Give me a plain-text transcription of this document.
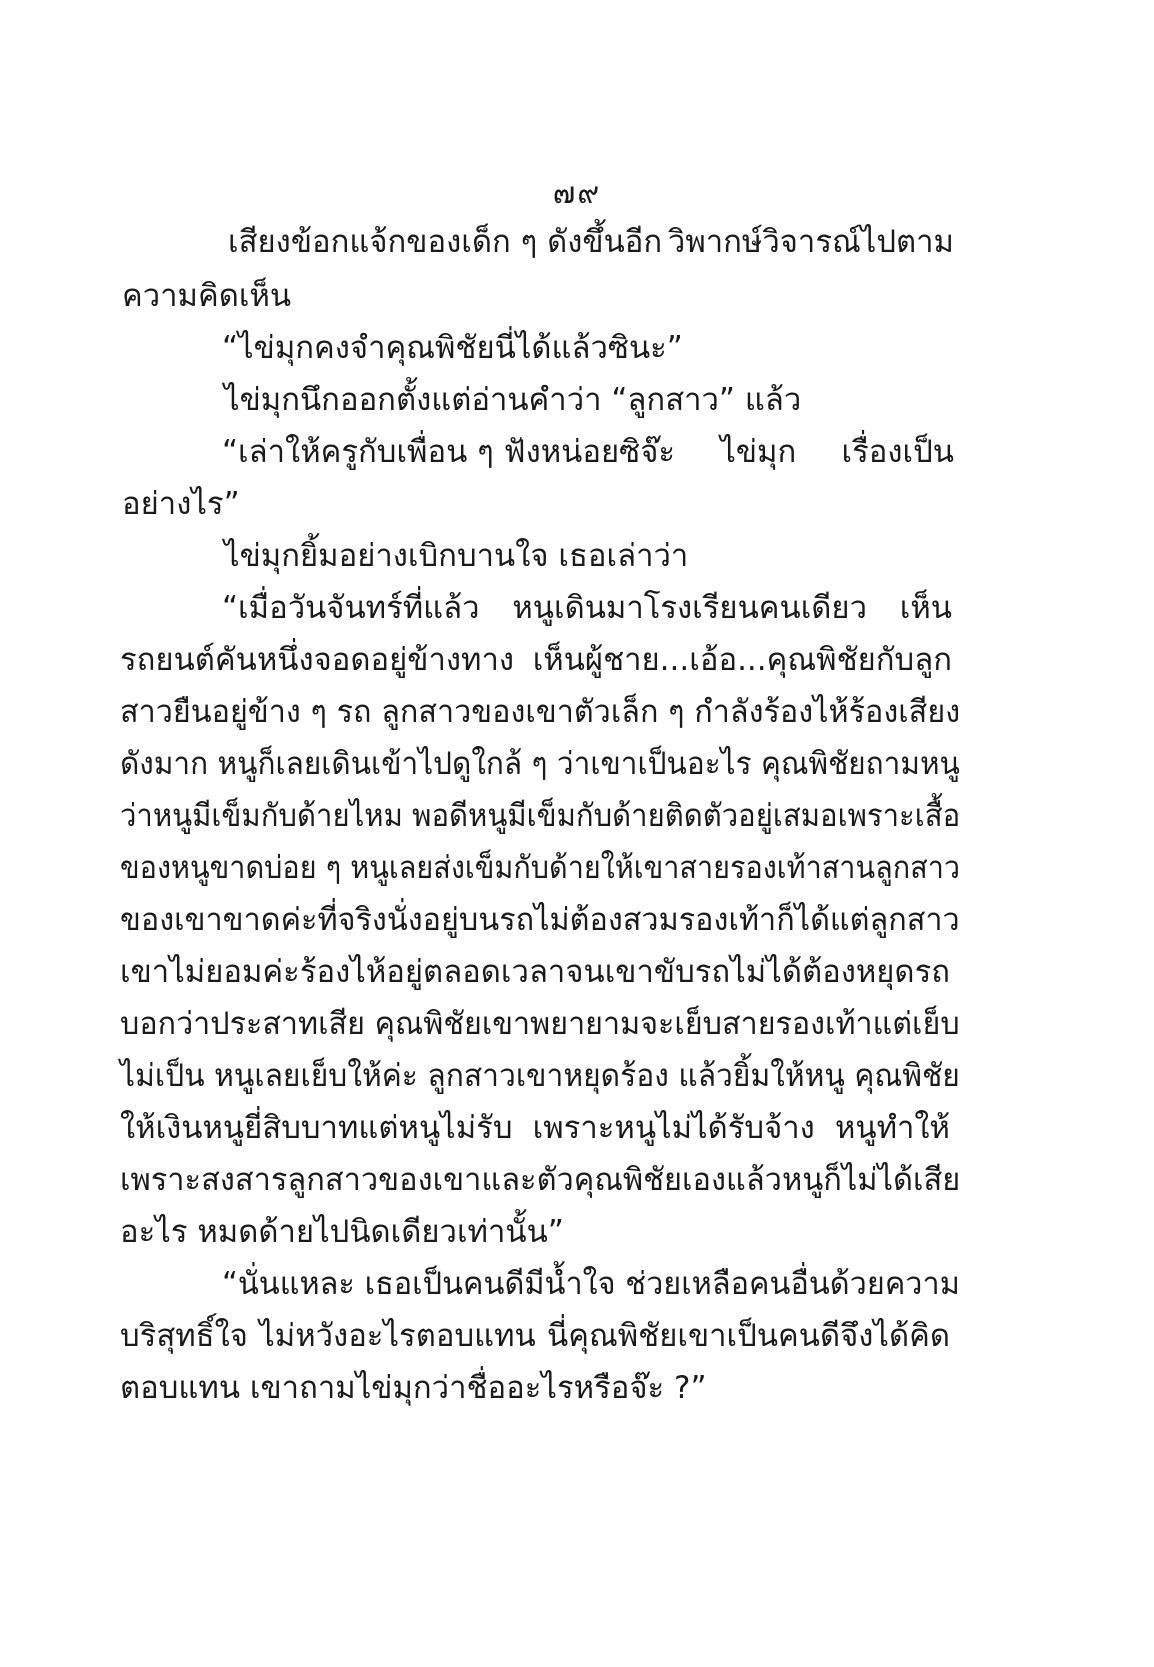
๗๙
เสียงข้อกแจ้กของเด็ก ๆ ดังขึ้นอีก วิพากษ์วิจารณ์ไปตาม
ความคิดเห็น
“ไข่มุกคงจำคุณพิชัยนี่ได้แล้วซินะ”
ไข่มุกนึกออกตั้งแต่อ่านคำว่า “ลูกสาว” แล้ว
“เล่าให้ครูกับเพื่อน ๆ ฟังหน่อยซิจ๊ะ ไข่มุก เรื่องเป็น
อย่างไร”
ไข่มุกยิ้มอย่างเบิกบานใจ เธอเล่าว่า
“เมื่อวันจันทร์ที่แล้ว หนูเดินมาโรงเรียนคนเดียว เห็น
รถยนต์คันหนึ่งจอดอยู่ข้างทาง เห็นผู้ชาย...เอ้อ...คุณพิชัยกับลูก
สาวยืนอยู่ข้าง ๆ รถ ลูกสาวของเขาตัวเล็ก ๆ กำลังร้องไห้ ร้องเสียง
ดังมาก หนูก็เลยเดินเข้าไปดูใกล้ ๆ ว่าเขาเป็นอะไร คุณพิชัยถามหนู
ว่าหนูมีเข็มกับด้ายไหม พอดีหนูมีเข็มกับด้ายติดตัวอยู่เสมอเพราะเสื้อ
ของหนูขาดบ่อย ๆ หนูเลยส่งเข็มกับด้ายให้เขา สายรองเท้าสานลูกสาว
ของเขาขาดค่ะ ที่จริงนั่งอยู่บนรถไม่ต้องสวมรองเท้าก็ได้ แต่ลูกสาว
เขาไม่ยอมค่ะ ร้องไห้อยู่ตลอดเวลา จนเขาขับรถไม่ได้ต้องหยุดรถ
บอกว่าประสาทเสีย คุณพิชัยเขาพยายามจะเย็บสายรองเท้า แต่เย็บ
ไม่เป็น หนูเลยเย็บให้ค่ะ ลูกสาวเขาหยุดร้อง แล้วยิ้มให้หนู คุณพิชัย
ให้เงินหนูยี่สิบบาทแต่หนูไม่รับ เพราะหนูไม่ได้รับจ้าง หนูทำให้
เพราะสงสารลูกสาวของเขาและตัวคุณพิชัยเอง แล้วหนูก็ไม่ได้เสีย
อะไร หมดด้ายไปนิดเดียวเท่านั้น”
“นั่นแหละ เธอเป็นคนดีมีน้ำใจ ช่วยเหลือคนอื่นด้วยความ
บริสุทธิ์ใจ ไม่หวังอะไรตอบแทน นี่คุณพิชัยเขาเป็นคนดีจึงได้คิด
ตอบแทน เขาถามไข่มุกว่าชื่ออะไรหรือจ๊ะ ?”
